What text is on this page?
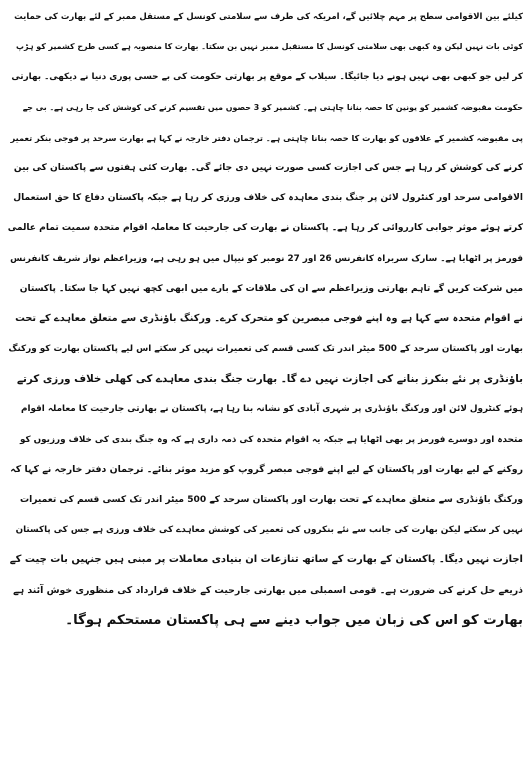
کیلئے بین الاقوامی سطح پر مہم چلائیں گے، امریکہ کی طرف سے سلامتی کونسل کے مستقل ممبر کے لئے بھارت کی حمایت
کوئی بات نہیں لیکن وہ کبھی بھی سلامتی کونسل کا مستقبل ممبر نہیں بن سکتا۔ بھارت کا منصوبہ ہے کسی طرح کشمیر کو ہڑپ
کر لیں جو کبھی بھی نہیں ہونے دیا جائیگا۔ سیلاب کے موقع پر بھارتی حکومت کی بے حسی پوری دنیا نے دیکھی۔ بھارتی
حکومت مقبوضہ کشمیر کو یونین کا حصہ بنانا چاہتی ہے۔ کشمیر کو 3 حصوں میں تقسیم کرنے کی کوشش کی جا رہی ہے۔ بی جے
پی مقبوضہ کشمیر کے علاقوں کو بھارت کا حصہ بنانا چاہتی ہے۔ ترجمان دفتر خارجہ نے کہا ہے بھارت سرحد پر فوجی بنکر تعمیر
کرنے کی کوشش کر رہا ہے جس کی اجازت کسی صورت نہیں دی جائے گی۔ بھارت کئی ہفتوں سے پاکستان کی بین
الاقوامی سرحد اور کنٹرول لائن پر جنگ بندی معاہدہ کی خلاف ورزی کر رہا ہے جبکہ پاکستان دفاع کا حق استعمال
کرتے ہوئے موثر جوابی کارروائی کر رہا ہے۔ پاکستان نے بھارت کی جارحیت کا معاملہ اقوام متحدہ سمیت تمام عالمی
فورمز پر اٹھایا ہے۔ سارک سربراہ کانفرنس 26 اور 27 نومبر کو نیپال میں ہو رہی ہے، وزیراعظم نواز شریف کانفرنس
میں شرکت کریں گے تاہم بھارتی وزیراعظم سے ان کی ملاقات کے بارے میں ابھی کچھ نہیں کہا جا سکتا۔ پاکستان
نے اقوام متحدہ سے کہا ہے وہ اپنے فوجی مبصرین کو متحرک کرے۔ ورکنگ باؤنڈری سے متعلق معاہدے کے تحت
بھارت اور پاکستان سرحد کے 500 میٹر اندر تک کسی قسم کی تعمیرات نہیں کر سکتے اس لیے پاکستان بھارت کو ورکنگ
باؤنڈری پر نئے بنکرز بنانے کی اجازت نہیں دے گا۔ بھارت جنگ بندی معاہدے کی کھلی خلاف ورزی کرتے
ہوئے کنٹرول لائن اور ورکنگ باؤنڈری پر شہری آبادی کو نشانہ بنا رہا ہے، پاکستان نے بھارتی جارحیت کا معاملہ اقوام
متحدہ اور دوسرے فورمز پر بھی اٹھایا ہے جبکہ یہ اقوام متحدہ کی ذمہ داری ہے کہ وہ جنگ بندی کی خلاف ورزیوں کو
روکنے کے لیے بھارت اور پاکستان کے لیے اپنے فوجی مبصر گروپ کو مزید موثر بنائے۔ ترجمان دفتر خارجہ نے کہا کہ
ورکنگ باؤنڈری سے متعلق معاہدے کے تحت بھارت اور پاکستان سرحد کے 500 میٹر اندر تک کسی قسم کی تعمیرات
نہیں کر سکتے لیکن بھارت کی جانب سے نئے بنکروں کی تعمیر کی کوشش معاہدے کی خلاف ورزی ہے جس کی پاکستان
اجازت نہیں دیگا۔ پاکستان کے بھارت کے ساتھ تنازعات ان بنیادی معاملات پر مبنی ہیں جنہیں بات چیت کے
ذریعے حل کرنے کی ضرورت ہے۔ قومی اسمبلی میں بھارتی جارحیت کے خلاف قرارداد کی منظوری خوش آئند ہے
بھارت کو اس کی زبان میں جواب دینے سے ہی پاکستان مستحکم ہوگا۔
